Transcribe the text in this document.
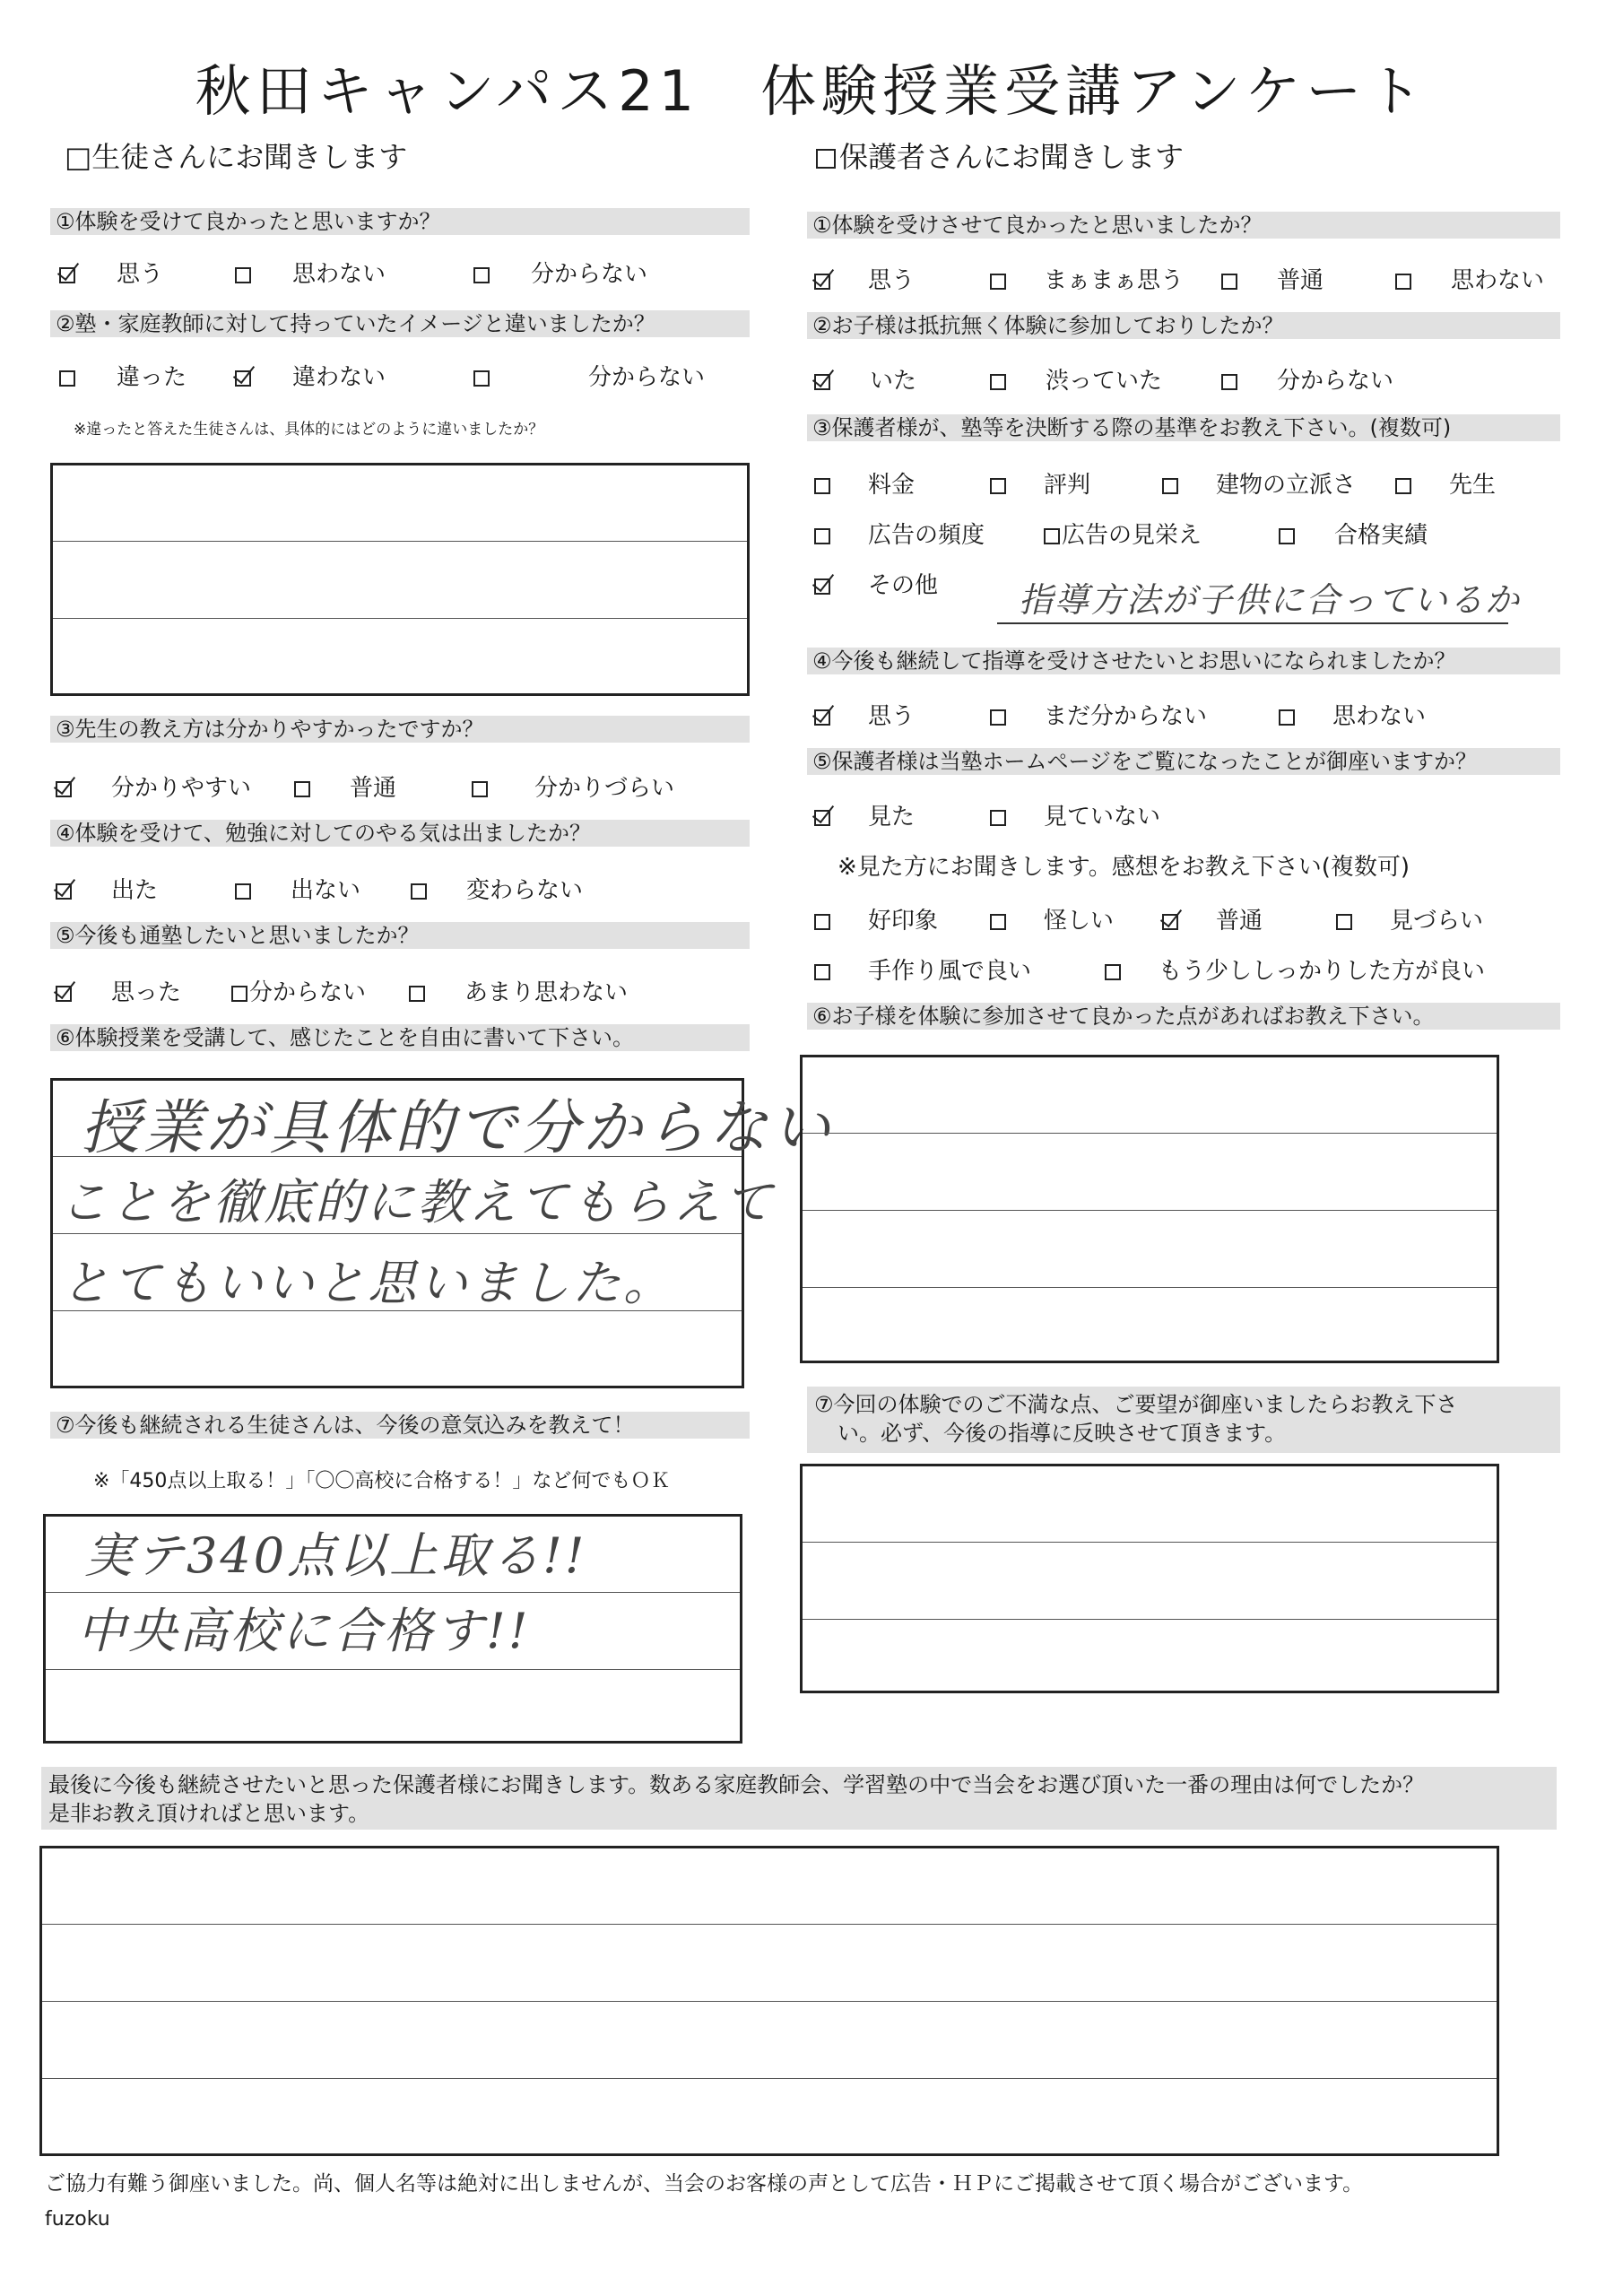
秋田キャンパス21　体験授業受講アンケート
□生徒さんにお聞きします
①体験を受けて良かったと思いますか？
思う	思わない	分からない
②塾・家庭教師に対して持っていたイメージと違いましたか？
違った	違わない	分からない
※違ったと答えた生徒さんは、具体的にはどのように違いましたか？
③先生の教え方は分かりやすかったですか？
分かりやすい	普通	分かりづらい
④体験を受けて、勉強に対してのやる気は出ましたか？
出た	出ない	変わらない
⑤今後も通塾したいと思いましたか？
思った	分からない	あまり思わない
⑥体験授業を受講して、感じたことを自由に書いて下さい。
授業が具体的で分からない
ことを徹底的に教えてもらえて
とてもいいと思いました。
⑦今後も継続される生徒さんは、今後の意気込みを教えて！
※「450点以上取る！」「〇〇高校に合格する！」など何でもＯＫ
実テ340点以上取る!!
中央高校に合格す!!
保護者さんにお聞きします
①体験を受けさせて良かったと思いましたか？
思う	まぁまぁ思う	普通	思わない
②お子様は抵抗無く体験に参加しておりしたか？
いた	渋っていた	分からない
③保護者様が、塾等を決断する際の基準をお教え下さい。(複数可)
料金	評判	建物の立派さ	先生
広告の頻度	広告の見栄え	合格実績
その他 指導方法が子供に合っているか
④今後も継続して指導を受けさせたいとお思いになられましたか？
思う	まだ分からない	思わない
⑤保護者様は当塾ホームページをご覧になったことが御座いますか？
見た	見ていない
※見た方にお聞きします。感想をお教え下さい(複数可)
好印象	怪しい	普通	見づらい
手作り風で良い	もう少ししっかりした方が良い
⑥お子様を体験に参加させて良かった点があればお教え下さい。
⑦今回の体験でのご不満な点、ご要望が御座いましたらお教え下さ
い。必ず、今後の指導に反映させて頂きます。
最後に今後も継続させたいと思った保護者様にお聞きします。数ある家庭教師会、学習塾の中で当会をお選び頂いた一番の理由は何でしたか？
是非お教え頂ければと思います。
ご協力有難う御座いました。尚、個人名等は絶対に出しませんが、当会のお客様の声として広告・ＨＰにご掲載させて頂く場合がございます。
fuzoku
